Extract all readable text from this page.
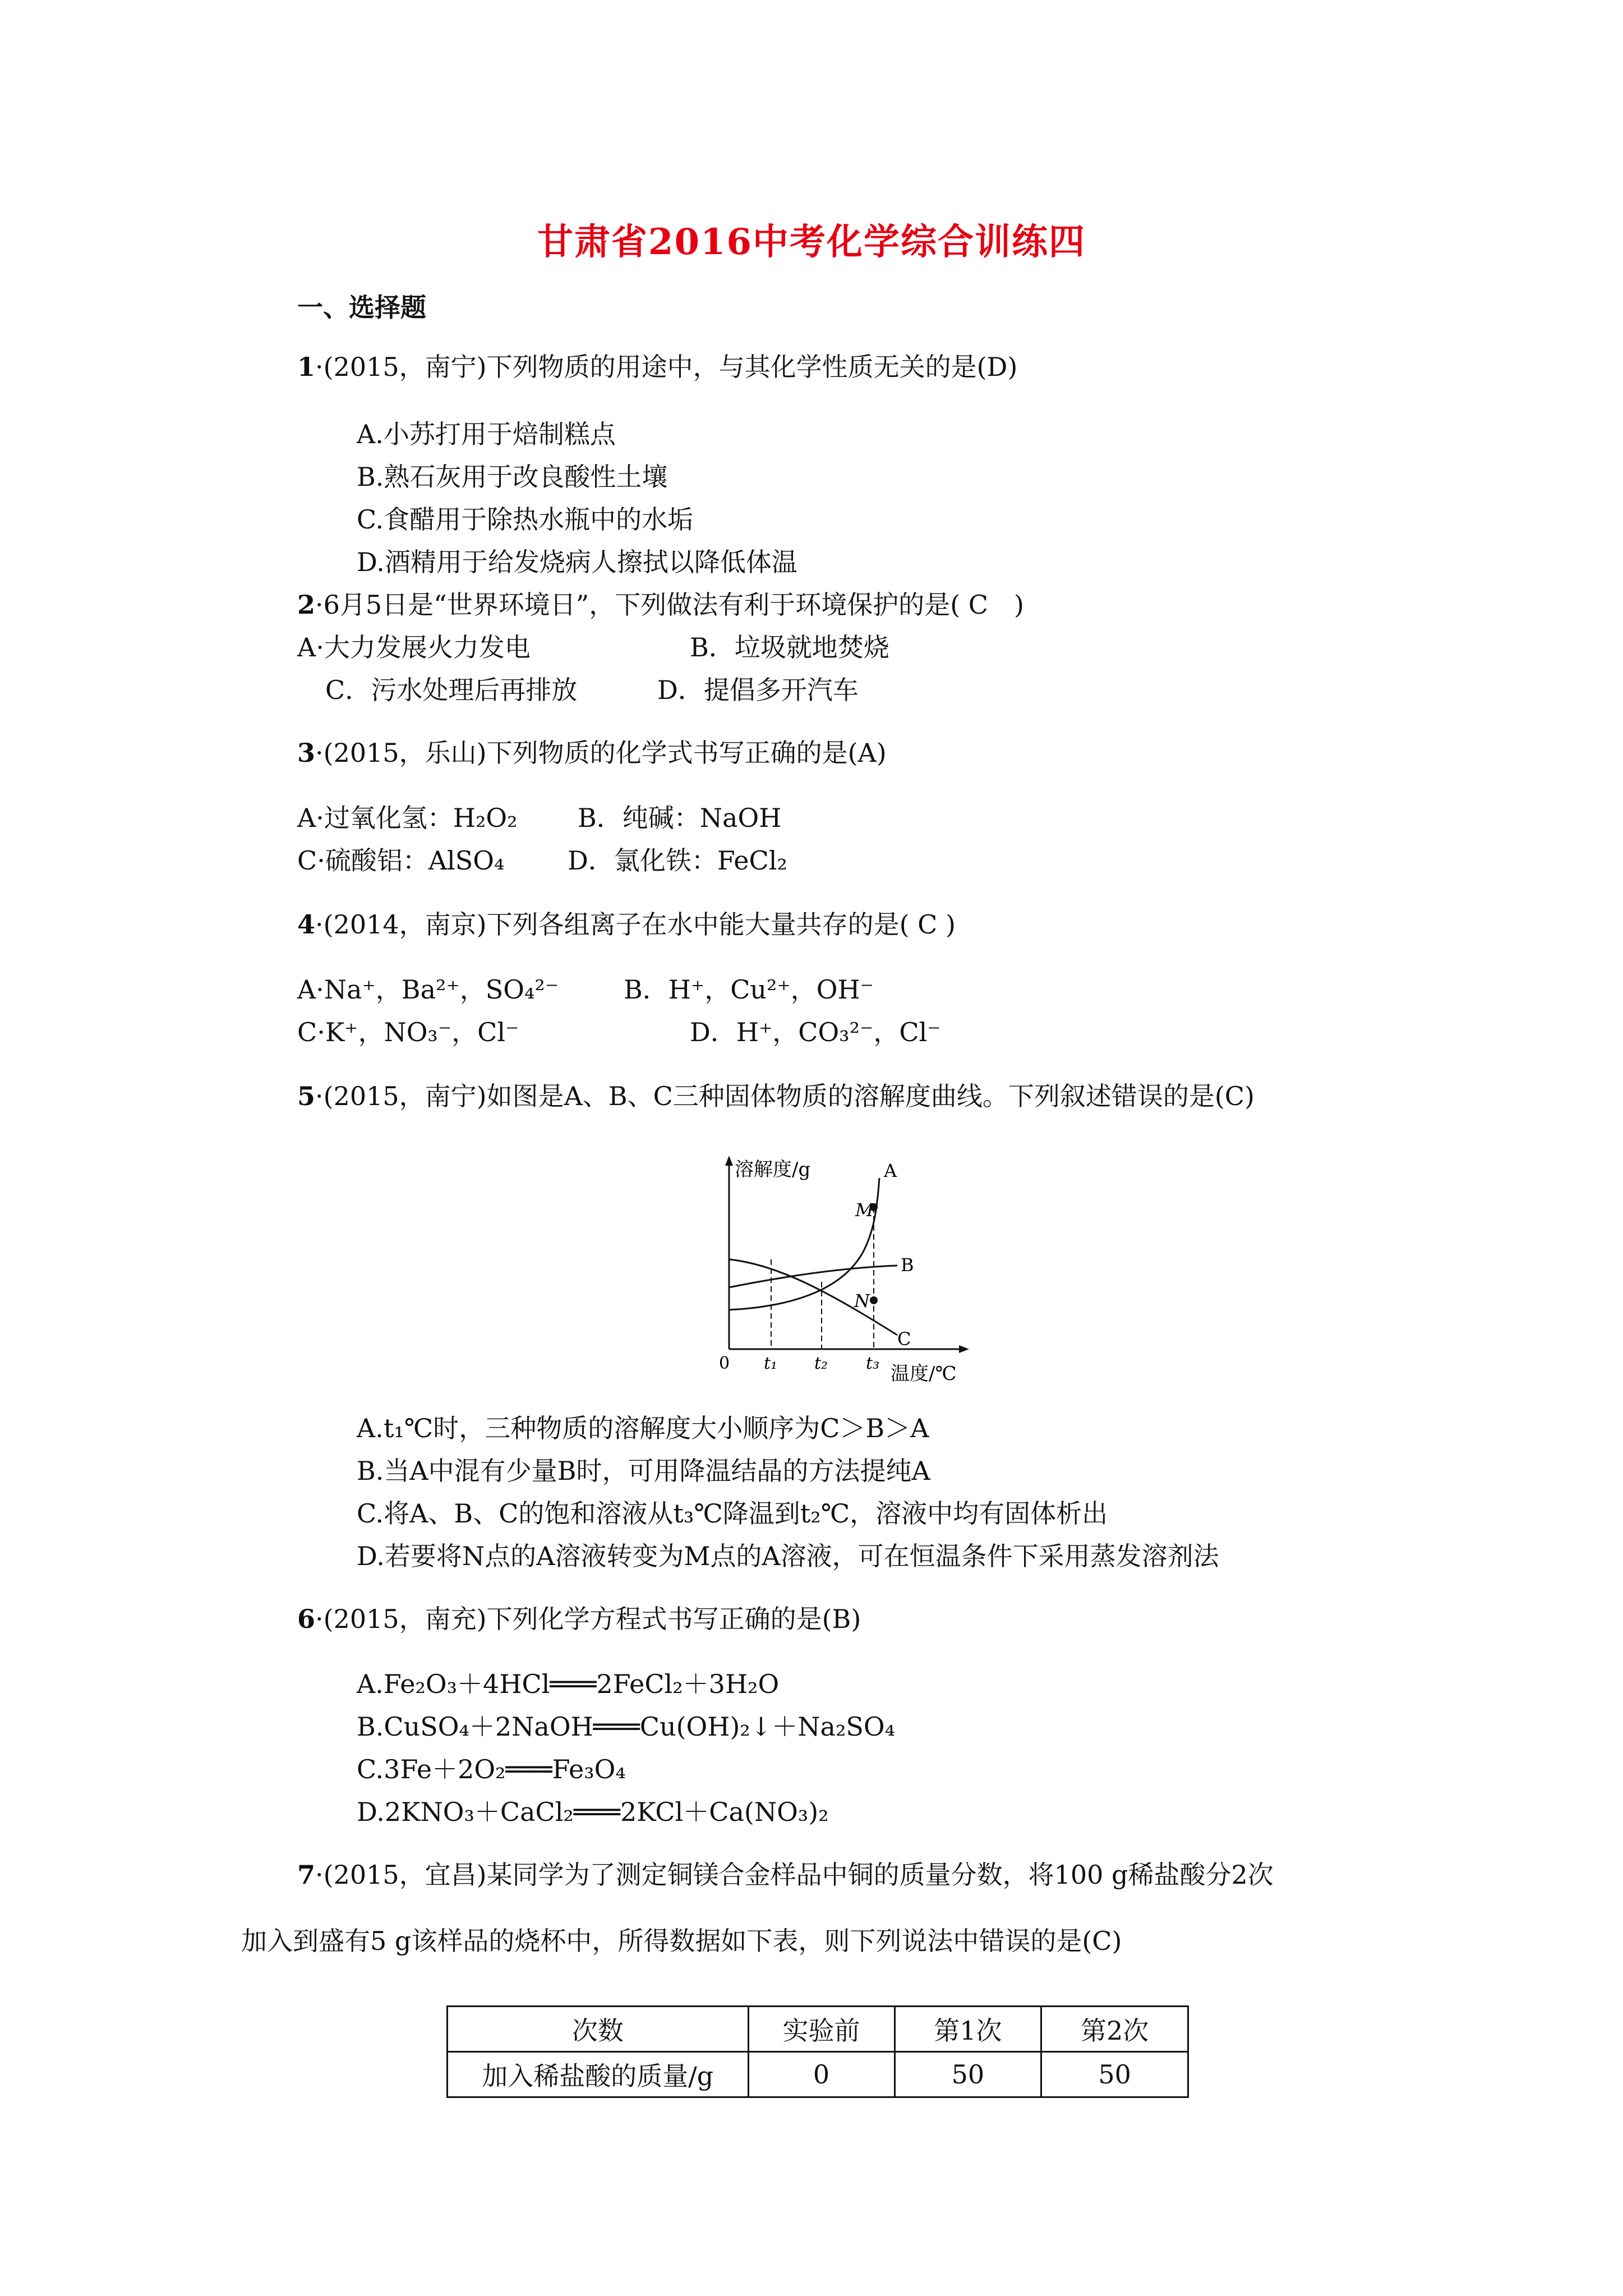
甘肃省2016中考化学综合训练四
一、选择题
1·(2015，南宁)下列物质的用途中，与其化学性质无关的是(D)
A.小苏打用于焙制糕点
B.熟石灰用于改良酸性土壤
C.食醋用于除热水瓶中的水垢
D.酒精用于给发烧病人擦拭以降低体温
2·6月5日是“世界环境日”，下列做法有利于环境保护的是( C　)
A·大力发展火力发电	B．垃圾就地焚烧
C．污水处理后再排放	D．提倡多开汽车
3·(2015，乐山)下列物质的化学式书写正确的是(A)
A·过氧化氢：H₂O₂ B．纯碱：NaOH
C·硫酸铝：AlSO₄ D．氯化铁：FeCl₂
4·(2014，南京)下列各组离子在水中能大量共存的是( C )
A·Na⁺，Ba²⁺，SO₄²⁻	B．H⁺，Cu²⁺，OH⁻
C·K⁺，NO₃⁻，Cl⁻	D．H⁺，CO₃²⁻，Cl⁻
5·(2015，南宁)如图是A、B、C三种固体物质的溶解度曲线。下列叙述错误的是(C)
溶解度/g	A
B
C
M
N
0 t₁ t₂ t₃ 温度/℃
A.t₁℃时，三种物质的溶解度大小顺序为C＞B＞A
B.当A中混有少量B时，可用降温结晶的方法提纯A
C.将A、B、C的饱和溶液从t₃℃降温到t₂℃，溶液中均有固体析出
D.若要将N点的A溶液转变为M点的A溶液，可在恒温条件下采用蒸发溶剂法
6·(2015，南充)下列化学方程式书写正确的是(B)
A.Fe₂O₃＋4HCl═══2FeCl₂＋3H₂O
B.CuSO₄＋2NaOH═══Cu(OH)₂↓＋Na₂SO₄
C.3Fe＋2O₂═══Fe₃O₄
D.2KNO₃＋CaCl₂═══2KCl＋Ca(NO₃)₂
7·(2015，宜昌)某同学为了测定铜镁合金样品中铜的质量分数，将100 g稀盐酸分2次
加入到盛有5 g该样品的烧杯中，所得数据如下表，则下列说法中错误的是(C)
次数	实验前	第1次	第2次
加入稀盐酸的质量/g	0	50	50
